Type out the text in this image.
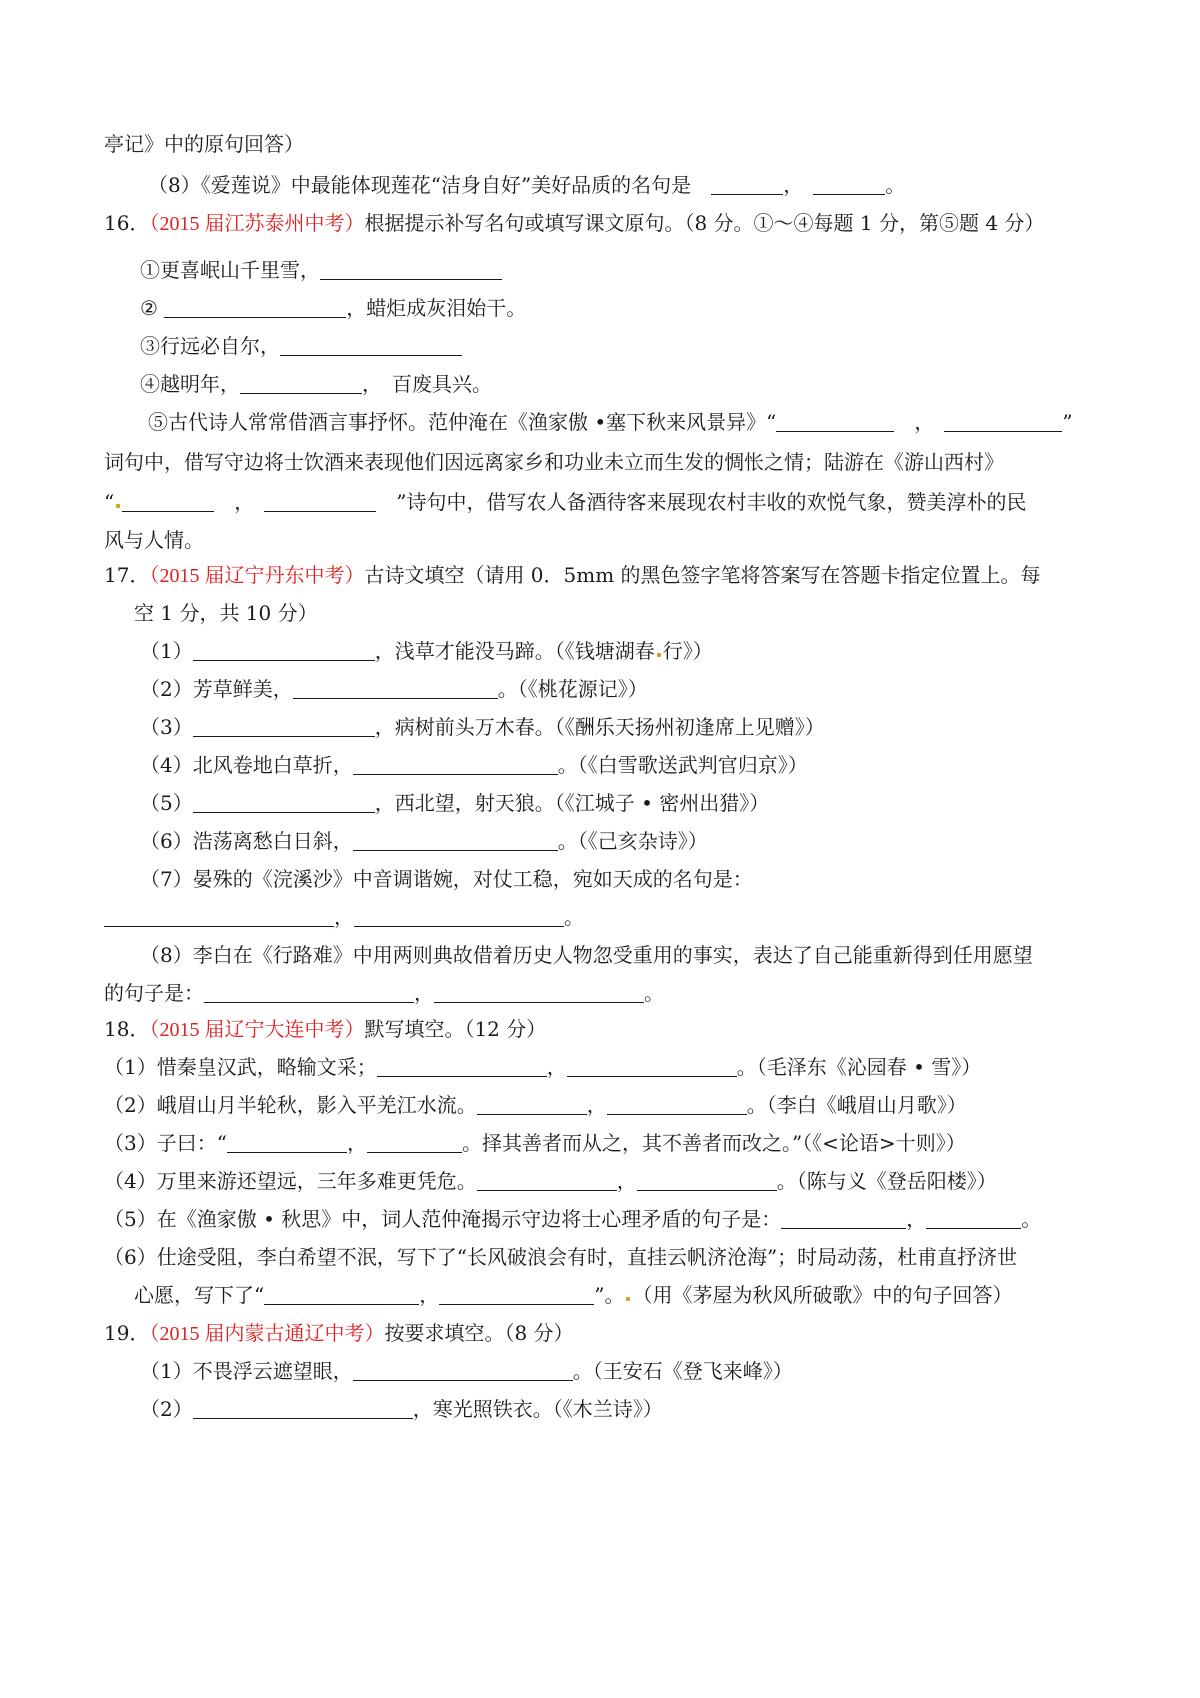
亭记》中的原句回答）
（8）《爱莲说》中最能体现莲花“洁身自好”美好品质的名句是　	，　	。
16．（2015 届江苏泰州中考）根据提示补写名句或填写课文原句。（8 分。①～④每题 1 分，第⑤题 4 分）
①更喜岷山千里雪，
②	，蜡炬成灰泪始干。
③行远必自尔，
④越明年，	，　百废具兴。
⑤古代诗人常常借酒言事抒怀。范仲淹在《渔家傲 •塞下秋来风景异》“	　，　	”
词句中，借写守边将士饮酒来表现他们因远离家乡和功业未立而生发的惆怅之情；陆游在《游山西村》
“	　，　	　”诗句中，借写农人备酒待客来展现农村丰收的欢悦气象，赞美淳朴的民
风与人情。
17．（2015 届辽宁丹东中考）古诗文填空（请用 0．5mm 的黑色签字笔将答案写在答题卡指定位置上。每
空 1 分，共 10 分）
（1）	，浅草才能没马蹄。（《钱塘湖春 行》）
（2）芳草鲜美，	。（《桃花源记》）
（3）	，病树前头万木春。（《酬乐天扬州初逢席上见赠》）
（4）北风卷地白草折，	。（《白雪歌送武判官归京》）
（5）	，西北望，射天狼。（《江城子 • 密州出猎》）
（6）浩荡离愁白日斜，	。（《己亥杂诗》）
（7）晏殊的《浣溪沙》中音调谐婉，对仗工稳，宛如天成的名句是：
，	。
（8）李白在《行路难》中用两则典故借着历史人物忽受重用的事实，表达了自己能重新得到任用愿望
的句子是：	，	。
18．（2015 届辽宁大连中考）默写填空。（12 分）
（1）惜秦皇汉武，略输文采；	，	。（毛泽东《沁园春 • 雪》）
（2）峨眉山月半轮秋，影入平羌江水流。	，	。（李白《峨眉山月歌》）
（3）子曰：“	，	。择其善者而从之，其不善者而改之。”（《<论语>十则》）
（4）万里来游还望远，三年多难更凭危。	，	。（陈与义《登岳阳楼》）
（5）在《渔家傲 • 秋思》中，词人范仲淹揭示守边将士心理矛盾的句子是：	，	。
（6）仕途受阻，李白希望不泯，写下了“长风破浪会有时，直挂云帆济沧海”；时局动荡，杜甫直抒济世
心愿，写下了“	，	”。 （用《茅屋为秋风所破歌》中的句子回答）
19．（2015 届内蒙古通辽中考）按要求填空。（8 分）
（1）不畏浮云遮望眼，	。（王安石《登飞来峰》）
（2）	，寒光照铁衣。（《木兰诗》）
